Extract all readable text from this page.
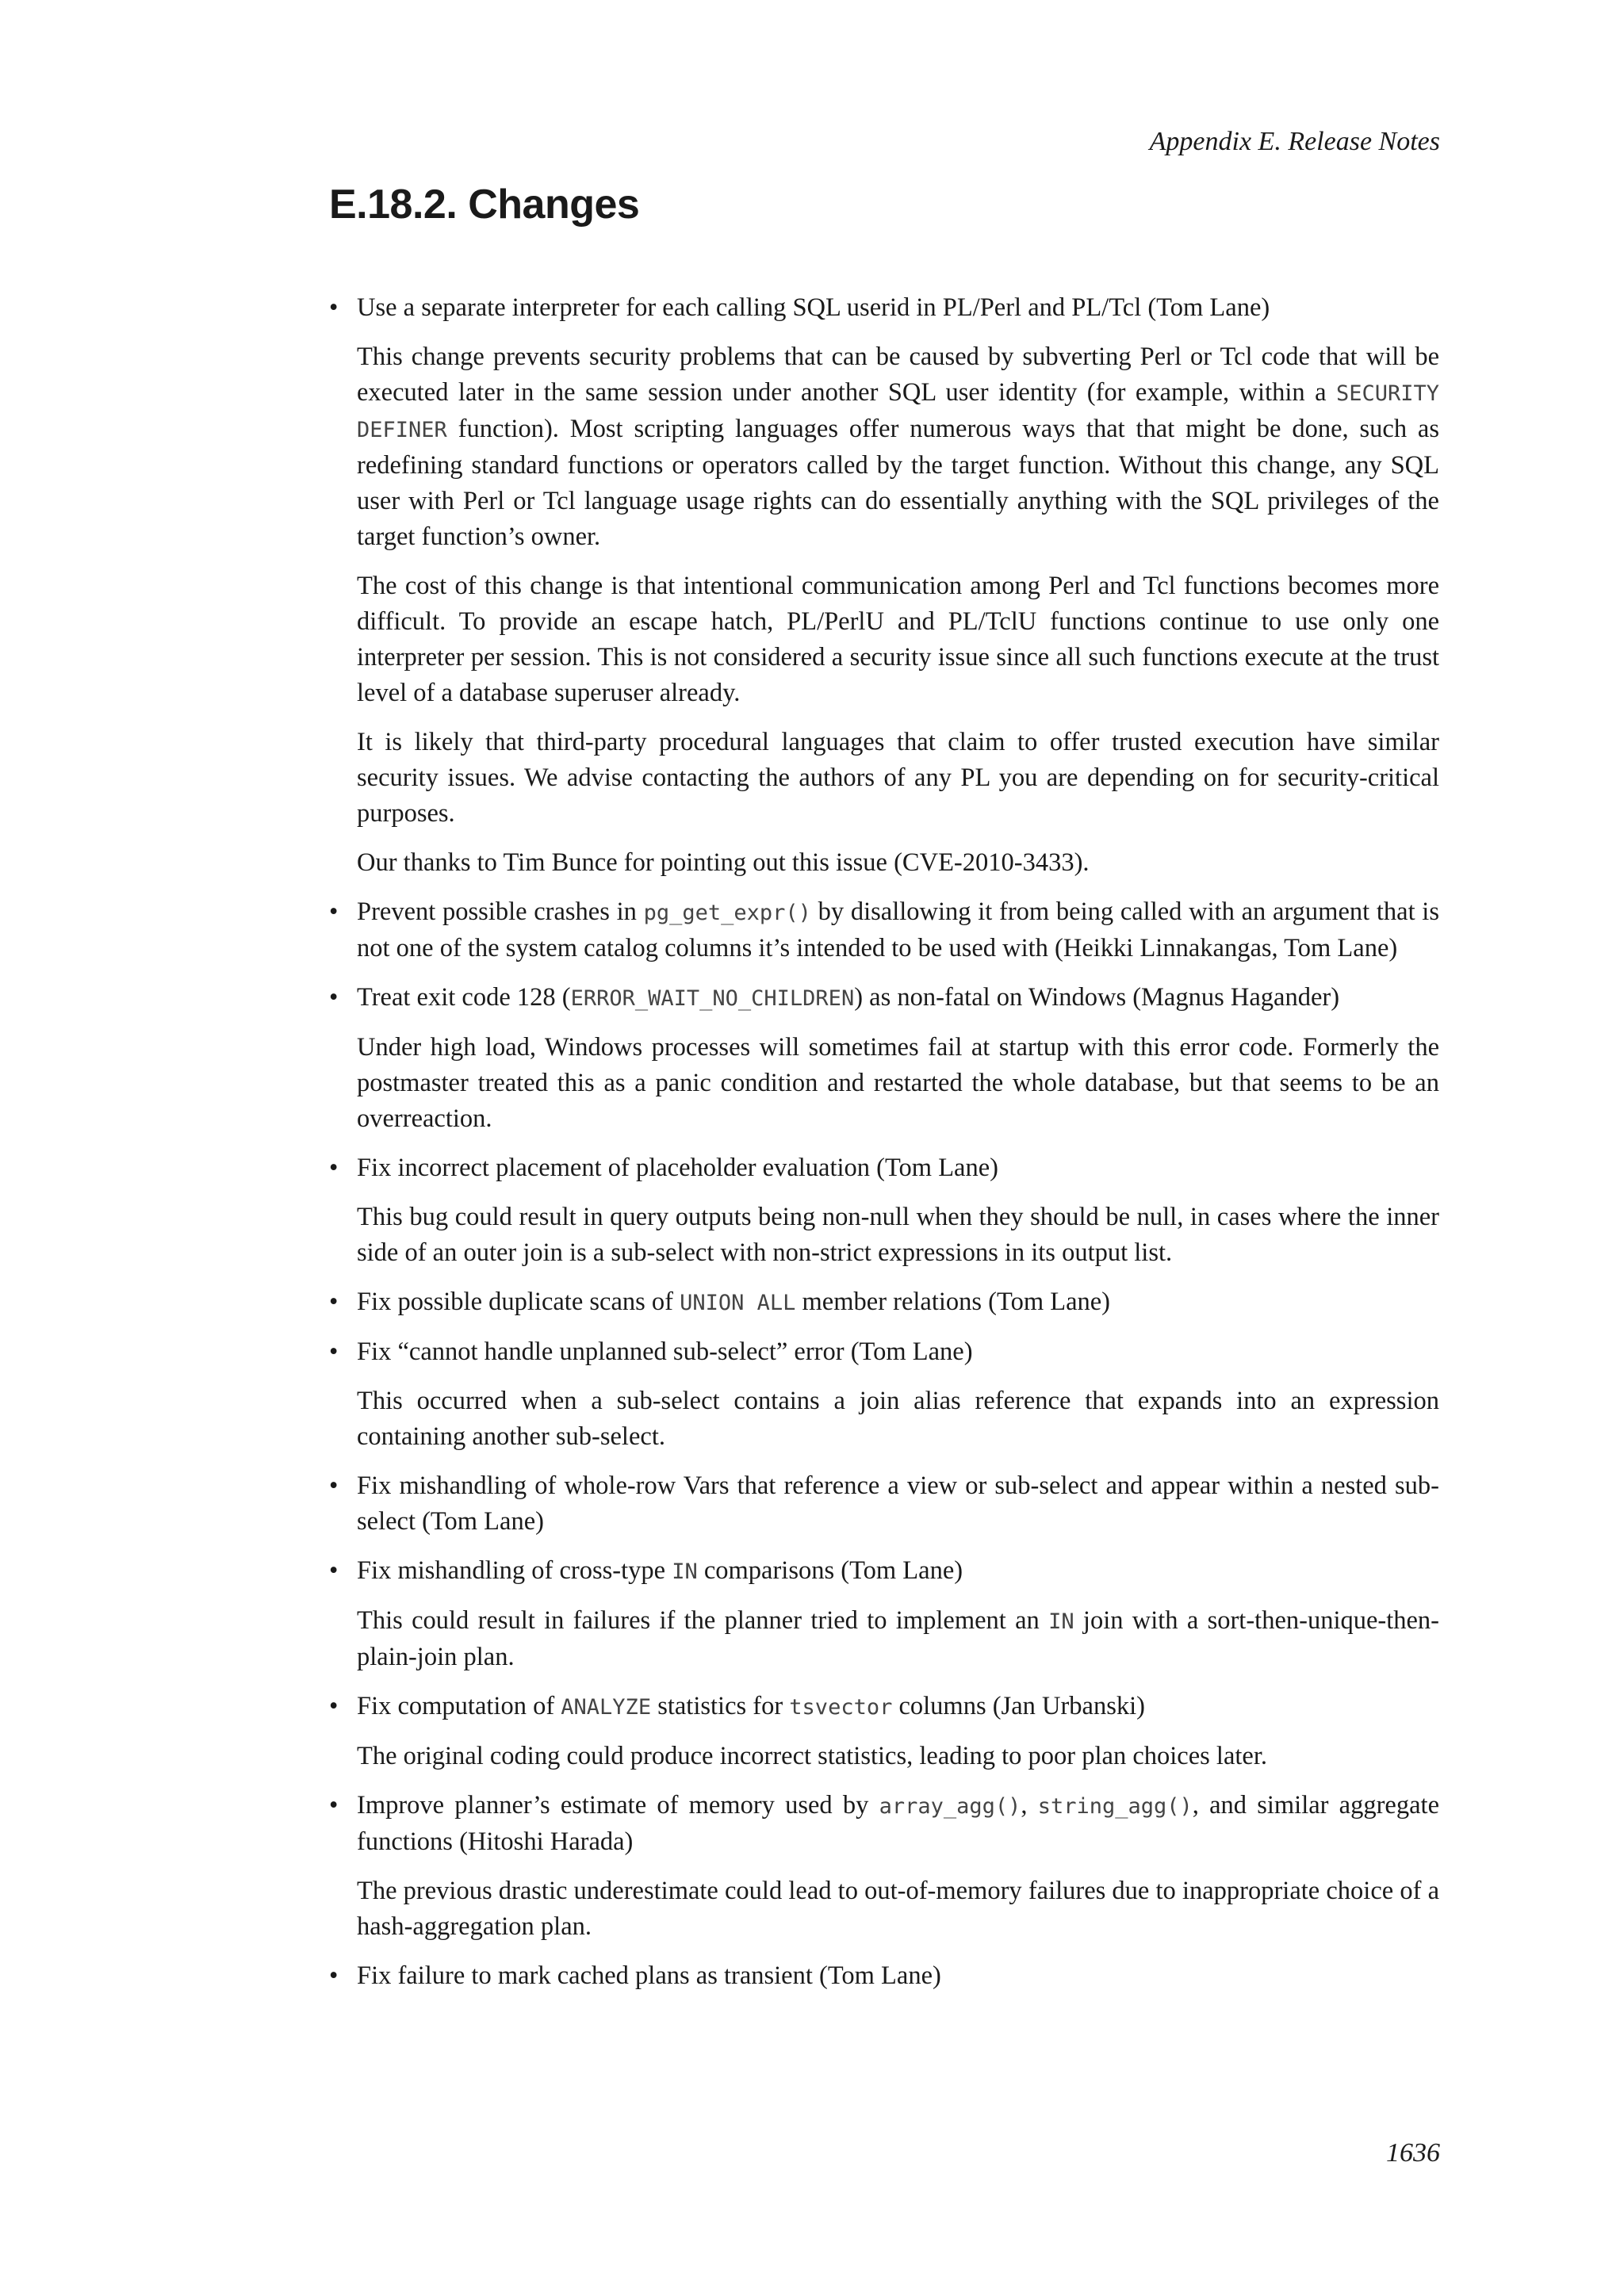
Appendix E. Release Notes
E.18.2. Changes
• Use a separate interpreter for each calling SQL userid in PL/Perl and PL/Tcl (Tom Lane)

This change prevents security problems that can be caused by subverting Perl or Tcl code that will be executed later in the same session under another SQL user identity (for example, within a SECURITY DEFINER function). Most scripting languages offer numerous ways that that might be done, such as redefining standard functions or operators called by the target function. Without this change, any SQL user with Perl or Tcl language usage rights can do essentially anything with the SQL privileges of the target function’s owner.

The cost of this change is that intentional communication among Perl and Tcl functions becomes more difficult. To provide an escape hatch, PL/PerlU and PL/TclU functions continue to use only one interpreter per session. This is not considered a security issue since all such functions execute at the trust level of a database superuser already.

It is likely that third-party procedural languages that claim to offer trusted execution have similar security issues. We advise contacting the authors of any PL you are depending on for security-critical purposes.

Our thanks to Tim Bunce for pointing out this issue (CVE-2010-3433).

• Prevent possible crashes in pg_get_expr() by disallowing it from being called with an argument that is not one of the system catalog columns it’s intended to be used with (Heikki Linnakangas, Tom Lane)

• Treat exit code 128 (ERROR_WAIT_NO_CHILDREN) as non-fatal on Windows (Magnus Hagander)

Under high load, Windows processes will sometimes fail at startup with this error code. Formerly the postmaster treated this as a panic condition and restarted the whole database, but that seems to be an overreaction.

• Fix incorrect placement of placeholder evaluation (Tom Lane)

This bug could result in query outputs being non-null when they should be null, in cases where the inner side of an outer join is a sub-select with non-strict expressions in its output list.

• Fix possible duplicate scans of UNION ALL member relations (Tom Lane)

• Fix “cannot handle unplanned sub-select” error (Tom Lane)

This occurred when a sub-select contains a join alias reference that expands into an expression containing another sub-select.

• Fix mishandling of whole-row Vars that reference a view or sub-select and appear within a nested sub-select (Tom Lane)

• Fix mishandling of cross-type IN comparisons (Tom Lane)

This could result in failures if the planner tried to implement an IN join with a sort-then-unique-then-plain-join plan.

• Fix computation of ANALYZE statistics for tsvector columns (Jan Urbanski)

The original coding could produce incorrect statistics, leading to poor plan choices later.

• Improve planner’s estimate of memory used by array_agg(), string_agg(), and similar aggregate functions (Hitoshi Harada)

The previous drastic underestimate could lead to out-of-memory failures due to inappropriate choice of a hash-aggregation plan.

• Fix failure to mark cached plans as transient (Tom Lane)

1636
